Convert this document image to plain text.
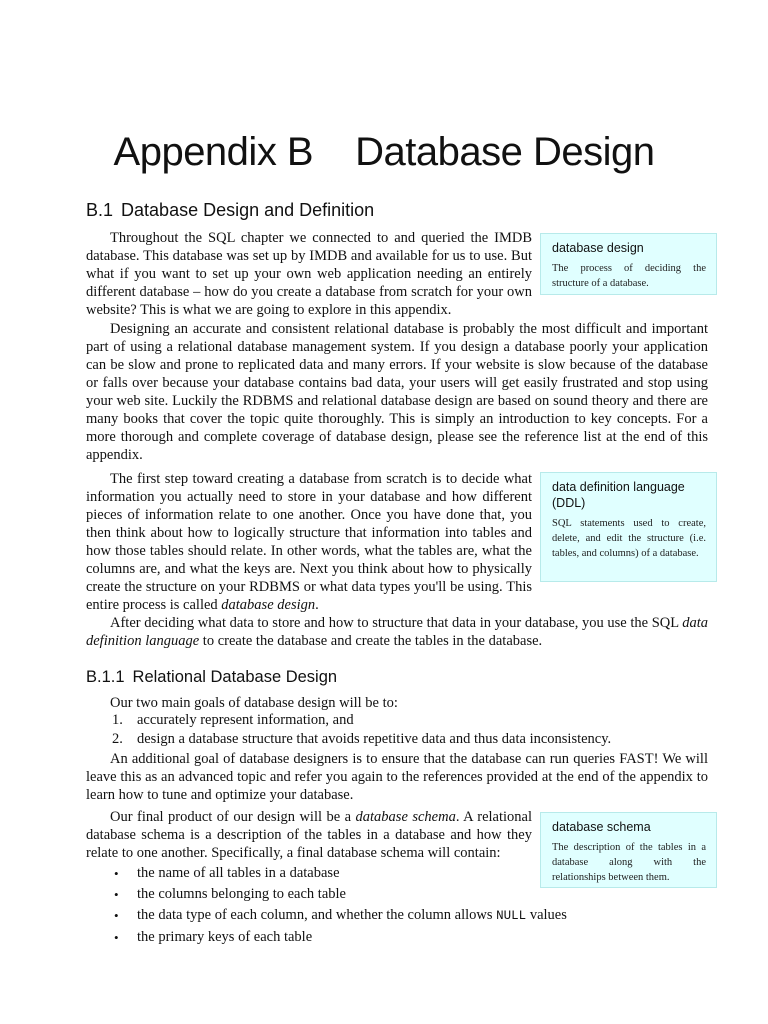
Appendix B Database Design
B.1 Database Design and Definition

Throughout the SQL chapter we connected to and queried the IMDB database. This database was set up by IMDB and available for us to use. But what if you want to set up your own web application needing an entirely different database – how do you create a database from scratch for your own website? This is what we are going to explore in this appendix.

database design

The process of deciding the structure of a database.

Designing an accurate and consistent relational database is probably the most difficult and important part of using a relational database management system. If you design a database poorly your application can be slow and prone to replicated data and many errors. If your website is slow because of the database or falls over because your database contains bad data, your users will get easily frustrated and stop using your web site. Luckily the RDBMS and relational database design are based on sound theory and there are many books that cover the topic quite thoroughly. This is simply an introduction to key concepts. For a more thorough and complete coverage of database design, please see the reference list at the end of this appendix.

The first step toward creating a database from scratch is to decide what information you actually need to store in your database and how different pieces of information relate to one another. Once you have done that, you then think about how to logically structure that information into tables and how those tables should relate. In other words, what the tables are, what the columns are, and what the keys are. Next you think about how to physically create the structure on your RDBMS or what data types you'll be using. This entire process is called database design.

data definition language (DDL)

SQL statements used to create, delete, and edit the structure (i.e. tables, and columns) of a database.

After deciding what data to store and how to structure that data in your database, you use the SQL data definition language to create the database and create the tables in the database.

B.1.1 Relational Database Design

Our two main goals of database design will be to:

1. accurately represent information, and
2. design a database structure that avoids repetitive data and thus data inconsistency.

An additional goal of database designers is to ensure that the database can run queries FAST! We will leave this as an advanced topic and refer you again to the references provided at the end of the appendix to learn how to tune and optimize your database.

Our final product of our design will be a database schema. A relational database schema is a description of the tables in a database and how they relate to one another. Specifically, a final database schema will contain:

database schema

The description of the tables in a database along with the relationships between them.

• the name of all tables in a database
• the columns belonging to each table
• the data type of each column, and whether the column allows NULL values
• the primary keys of each table
